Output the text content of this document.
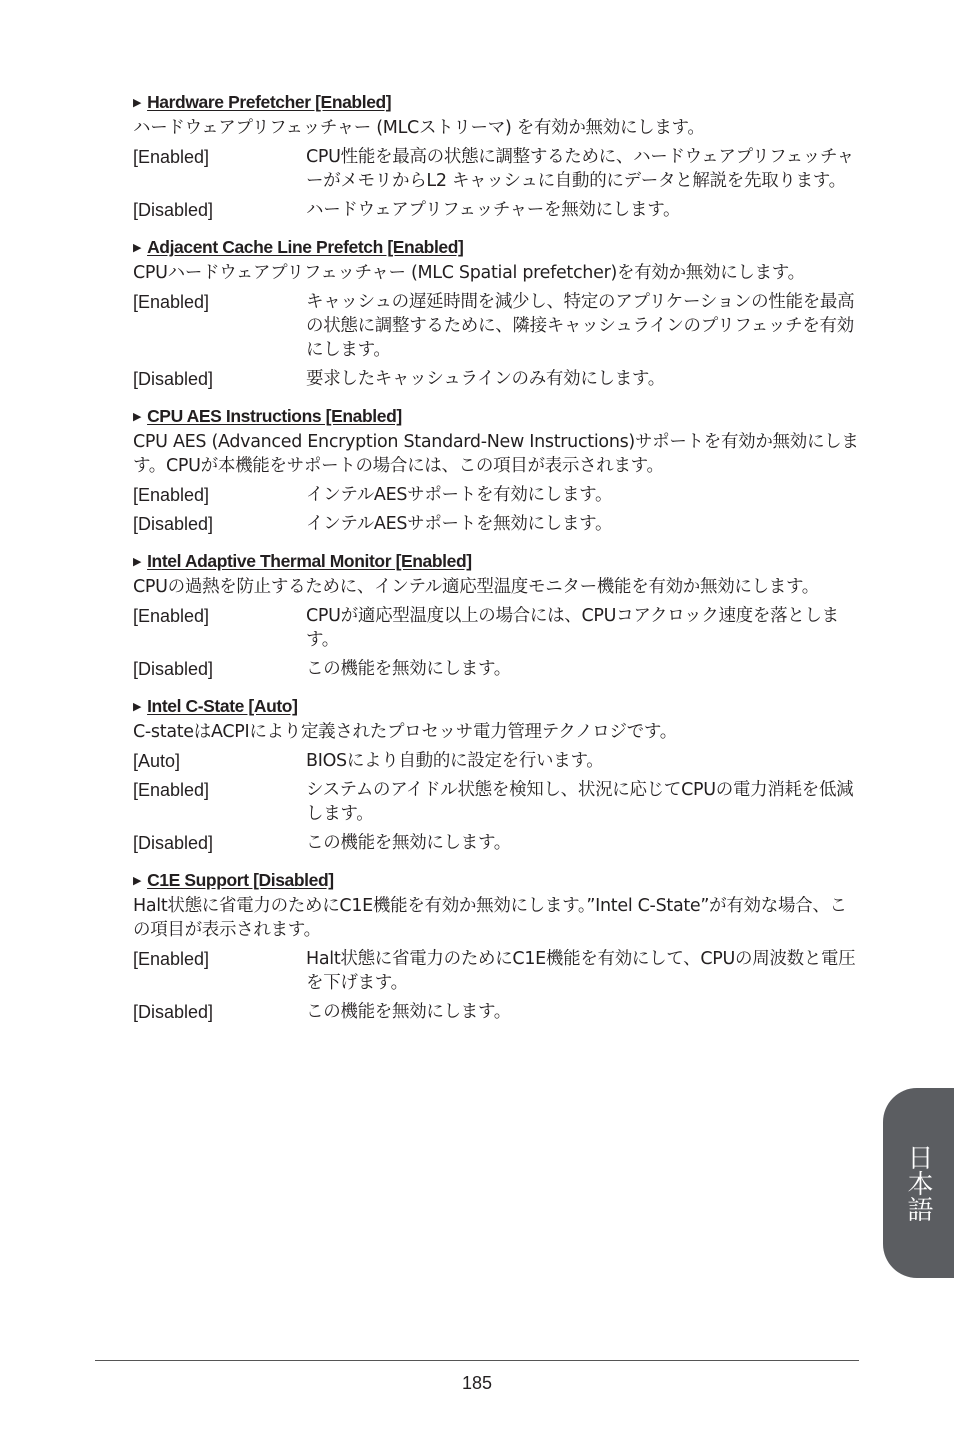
▶ Hardware Prefetcher [Enabled]
ハードウェアプリフェッチャー (MLCストリーマ) を有効か無効にします。
[Enabled]	CPU性能を最高の状態に調整するために、ハードウェアプリフェッチャーがメモリからL2 キャッシュに自動的にデータと解説を先取ります。
[Disabled]	ハードウェアプリフェッチャーを無効にします。
▶ Adjacent Cache Line Prefetch [Enabled]
CPUハードウェアプリフェッチャー (MLC Spatial prefetcher)を有効か無効にします。
[Enabled]	キャッシュの遅延時間を減少し、特定のアプリケーションの性能を最高の状態に調整するために、隣接キャッシュラインのプリフェッチを有効にします。
[Disabled]	要求したキャッシュラインのみ有効にします。
▶ CPU AES Instructions [Enabled]
CPU AES (Advanced Encryption Standard-New Instructions)サポートを有効か無効にします。CPUが本機能をサポートの場合には、この項目が表示されます。
[Enabled]	インテルAESサポートを有効にします。
[Disabled]	インテルAESサポートを無効にします。
▶ Intel Adaptive Thermal Monitor [Enabled]
CPUの過熱を防止するために、インテル適応型温度モニター機能を有効か無効にします。
[Enabled]	CPUが適応型温度以上の場合には、CPUコアクロック速度を落とします。
[Disabled]	この機能を無効にします。
▶ Intel C-State [Auto]
C-stateはACPIにより定義されたプロセッサ電力管理テクノロジです。
[Auto]	BIOSにより自動的に設定を行います。
[Enabled]	システムのアイドル状態を検知し、状況に応じてCPUの電力消耗を低減します。
[Disabled]	この機能を無効にします。
▶ C1E Support [Disabled]
Halt状態に省電力のためにC1E機能を有効か無効にします。”Intel C-State”が有効な場合、この項目が表示されます。
[Enabled]	Halt状態に省電力のためにC1E機能を有効にして、CPUの周波数と電圧を下げます。
[Disabled]	この機能を無効にします。
日本語
185
